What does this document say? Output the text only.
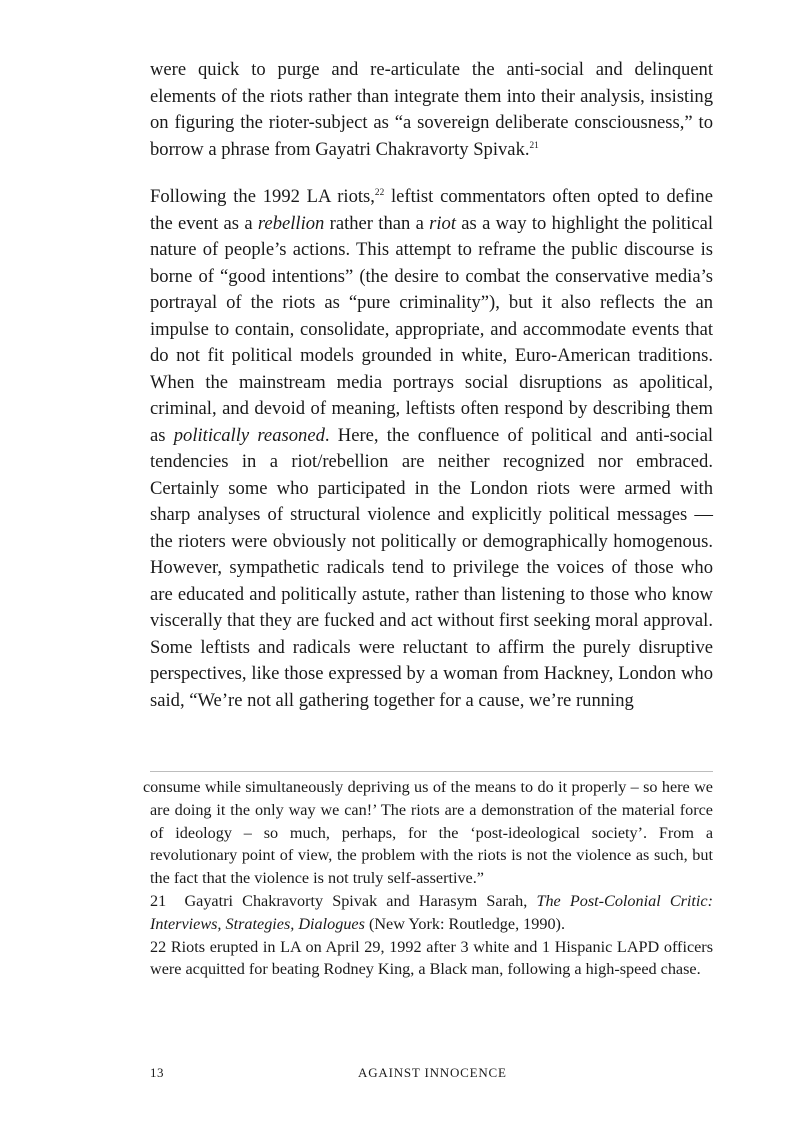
were quick to purge and re-articulate the anti-social and delinquent elements of the riots rather than integrate them into their analysis, insisting on figuring the rioter-subject as “a sovereign deliberate consciousness,” to borrow a phrase from Gayatri Chakravorty Spivak.$^{21}$
Following the 1992 LA riots,$^{22}$ leftist commentators often opted to define the event as a rebellion rather than a riot as a way to highlight the political nature of people’s actions. This attempt to reframe the public discourse is borne of “good intentions” (the desire to combat the conservative media’s portrayal of the riots as “pure criminality”), but it also reflects the an impulse to contain, consolidate, appropriate, and accommodate events that do not fit political models grounded in white, Euro-American traditions. When the mainstream media portrays social disruptions as apolitical, criminal, and devoid of meaning, leftists often respond by describing them as politically reasoned. Here, the confluence of political and anti-social tendencies in a riot/rebellion are neither recognized nor embraced. Certainly some who participated in the London riots were armed with sharp analyses of structural violence and explicitly political messages — the rioters were obviously not politically or demographically homogenous. However, sympathetic radicals tend to privilege the voices of those who are educated and politically astute, rather than listening to those who know viscerally that they are fucked and act without first seeking moral approval. Some leftists and radicals were reluctant to affirm the purely disruptive perspectives, like those expressed by a woman from Hackney, London who said, “We’re not all gathering together for a cause, we’re running

consume while simultaneously depriving us of the means to do it properly – so here we are doing it the only way we can!’ The riots are a demonstration of the material force of ideology – so much, perhaps, for the ‘post-ideological society’. From a revolutionary point of view, the problem with the riots is not the violence as such, but the fact that the violence is not truly self-assertive.”

21 Gayatri Chakravorty Spivak and Harasym Sarah, The Post-Colonial Critic: Interviews, Strategies, Dialogues (New York: Routledge, 1990).

22 Riots erupted in LA on April 29, 1992 after 3 white and 1 Hispanic LAPD officers were acquitted for beating Rodney King, a Black man, following a high-speed chase.

13	AGAINST INNOCENCE
